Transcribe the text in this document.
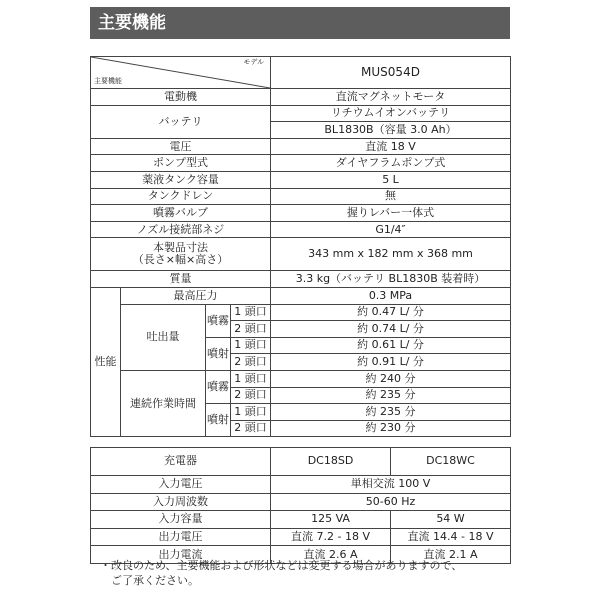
主要機能
モデル
主要機能				MUS054D
電動機				直流マグネットモータ
バッテリ				リチウムイオンバッテリ
				BL1830B（容量 3.0 Ah）
電圧				直流 18 V
ポンプ型式				ダイヤフラムポンプ式
薬液タンク容量				5 L
タンクドレン				無
噴霧バルブ				握りレバー一体式
ノズル接続部ネジ				G1/4″

本製品寸法
（長さ×幅×高さ）				343 mm x 182 mm x 368 mm
質量				3.3 kg（バッテリ BL1830B 装着時）
性能	最高圧力			0.3 MPa
	吐出量	噴霧	1 頭口	約 0.47 L/ 分
			2 頭口	約 0.74 L/ 分
		噴射	1 頭口	約 0.61 L/ 分
			2 頭口	約 0.91 L/ 分
	連続作業時間	噴霧	1 頭口	約 240 分
			2 頭口	約 235 分
		噴射	1 頭口	約 235 分
			2 頭口	約 230 分
充電器	DC18SD	DC18WC
入力電圧	単相交流 100 V	
入力周波数	50-60 Hz	
入力容量	125 VA	54 W
出力電圧	直流 7.2 - 18 V	直流 14.4 - 18 V
出力電流	直流 2.6 A	直流 2.1 A
・改良のため、主要機能および形状などは変更する場合がありますので、
ご了承ください。
